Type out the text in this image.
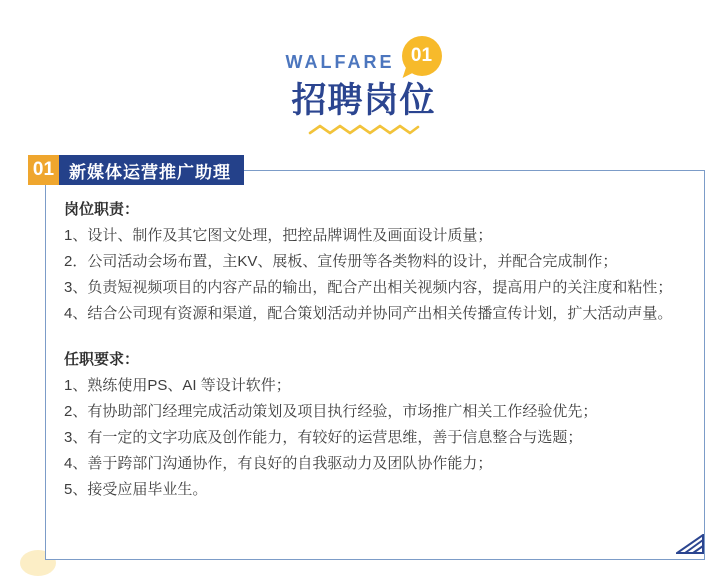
WALFARE 01
招聘岗位
01 新媒体运营推广助理

岗位职责：

1、设计、制作及其它图文处理，把控品牌调性及画面设计质量；

2．公司活动会场布置，主KV、展板、宣传册等各类物料的设计，并配合完成制作；

3、负责短视频项目的内容产品的输出，配合产出相关视频内容，提高用户的关注度和粘性；

4、结合公司现有资源和渠道，配合策划活动并协同产出相关传播宣传计划，扩大活动声量。

任职要求：

1、熟练使用PS、AI 等设计软件；

2、有协助部门经理完成活动策划及项目执行经验，市场推广相关工作经验优先；

3、有一定的文字功底及创作能力，有较好的运营思维，善于信息整合与选题；

4、善于跨部门沟通协作，有良好的自我驱动力及团队协作能力；

5、接受应届毕业生。
